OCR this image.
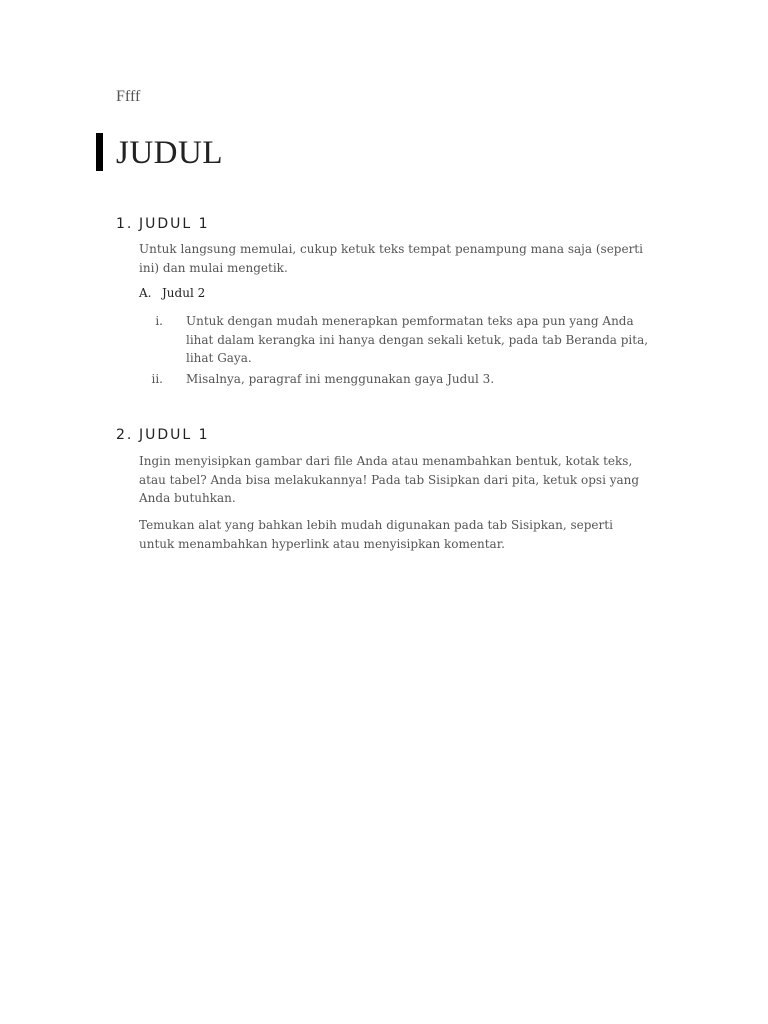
Ffff
JUDUL
1. JUDUL 1
Untuk langsung memulai, cukup ketuk teks tempat penampung mana saja (seperti ini) dan mulai mengetik.
A. Judul 2
i. Untuk dengan mudah menerapkan pemformatan teks apa pun yang Anda lihat dalam kerangka ini hanya dengan sekali ketuk, pada tab Beranda pita, lihat Gaya.
ii. Misalnya, paragraf ini menggunakan gaya Judul 3.
2. JUDUL 1
Ingin menyisipkan gambar dari file Anda atau menambahkan bentuk, kotak teks, atau tabel? Anda bisa melakukannya! Pada tab Sisipkan dari pita, ketuk opsi yang Anda butuhkan.
Temukan alat yang bahkan lebih mudah digunakan pada tab Sisipkan, seperti untuk menambahkan hyperlink atau menyisipkan komentar.
